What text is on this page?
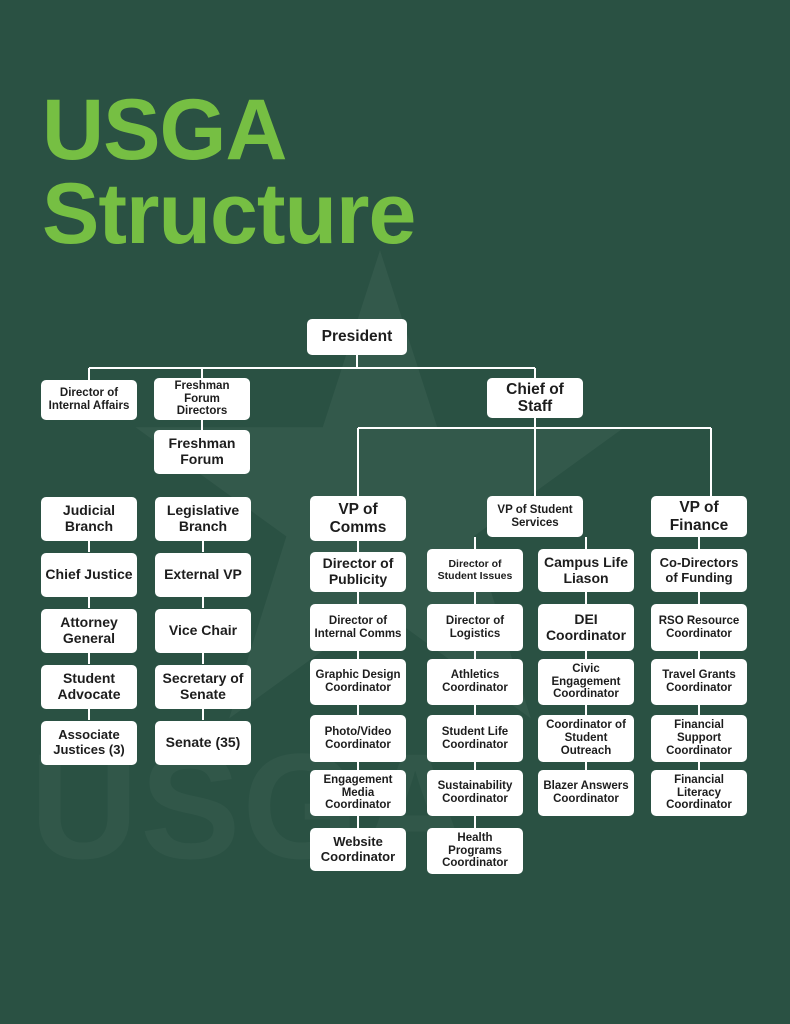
USGA
Structure
President
Chief of Staff
Director of Internal Affairs
Freshman Forum Directors
Freshman Forum
Judicial Branch
Chief Justice
Attorney General
Student Advocate
Associate Justices (3)
Legislative Branch
External VP
Vice Chair
Secretary of Senate
Senate (35)
VP of Comms
Director of Publicity
Director of Internal Comms
Graphic Design Coordinator
Photo/Video Coordinator
Engagement Media Coordinator
Website Coordinator
VP of Student Services
Director of Student Issues
Director of Logistics
Athletics Coordinator
Student Life Coordinator
Sustainability Coordinator
Health Programs Coordinator
Campus Life Liason
DEI Coordinator
Civic Engagement Coordinator
Coordinator of Student Outreach
Blazer Answers Coordinator
VP of Finance
Co-Directors of Funding
RSO Resource Coordinator
Travel Grants Coordinator
Financial Support Coordinator
Financial Literacy Coordinator
